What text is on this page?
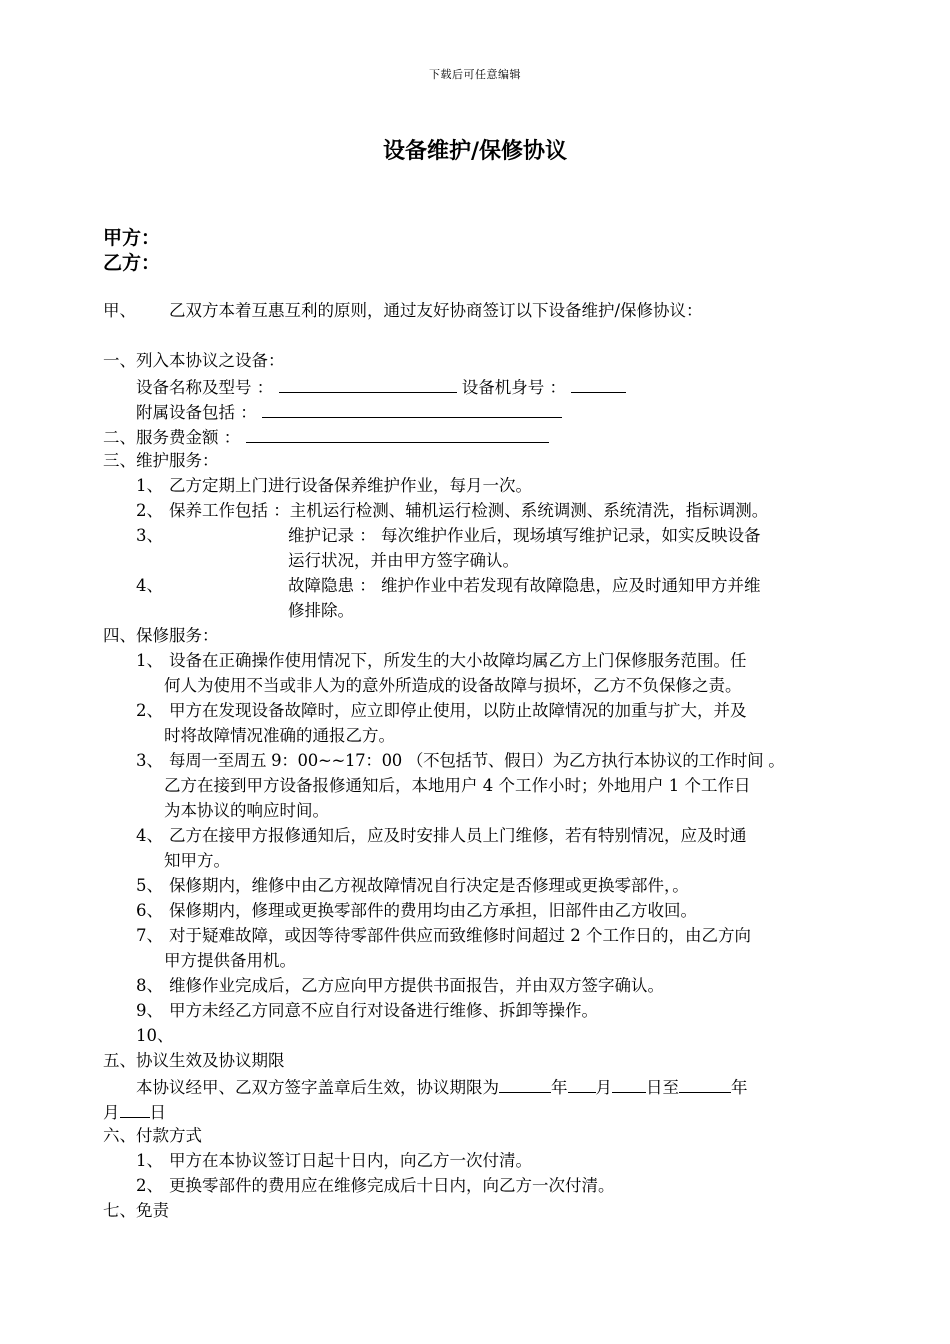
下载后可任意编辑
设备维护/保修协议
甲方：
乙方：
甲、 乙双方本着互惠互利的原则，通过友好协商签订以下设备维护/保修协议：
一、列入本协议之设备：
设备名称及型号 ：	设备机身号 ：
附属设备包括 ：
二、服务费金额 ：
三、维护服务：
1、 乙方定期上门进行设备保养维护作业，每月一次。
2、 保养工作包括 ：主机运行检测、辅机运行检测、系统调测、系统清洗，指标调测。
3、	维护记录 ： 每次维护作业后，现场填写维护记录，如实反映设备
运行状况，并由甲方签字确认。
4、	故障隐患 ： 维护作业中若发现有故障隐患，应及时通知甲方并维
修排除。
四、保修服务：
1、 设备在正确操作使用情况下，所发生的大小故障均属乙方上门保修服务范围。任
何人为使用不当或非人为的意外所造成的设备故障与损坏，乙方不负保修之责。
2、 甲方在发现设备故障时，应立即停止使用，以防止故障情况的加重与扩大，并及
时将故障情况准确的通报乙方。
3、 每周一至周五 9：00~~17：00 （不包括节、假日）为乙方执行本协议的工作时间 。
乙方在接到甲方设备报修通知后，本地用户 4 个工作小时；外地用户 1 个工作日
为本协议的响应时间。
4、 乙方在接甲方报修通知后，应及时安排人员上门维修，若有特别情况，应及时通
知甲方。
5、 保修期内，维修中由乙方视故障情况自行决定是否修理或更换零部件，。
6、 保修期内，修理或更换零部件的费用均由乙方承担，旧部件由乙方收回。
7、 对于疑难故障，或因等待零部件供应而致维修时间超过 2 个工作日的，由乙方向
甲方提供备用机。
8、 维修作业完成后，乙方应向甲方提供书面报告，并由双方签字确认。
9、 甲方未经乙方同意不应自行对设备进行维修、拆卸等操作。
10、
五、协议生效及协议期限
本协议经甲、乙双方签字盖章后生效，协议期限为	年 月 日至	年
月 日
六、付款方式
1、 甲方在本协议签订日起十日内，向乙方一次付清。
2、 更换零部件的费用应在维修完成后十日内，向乙方一次付清。
七、免责
